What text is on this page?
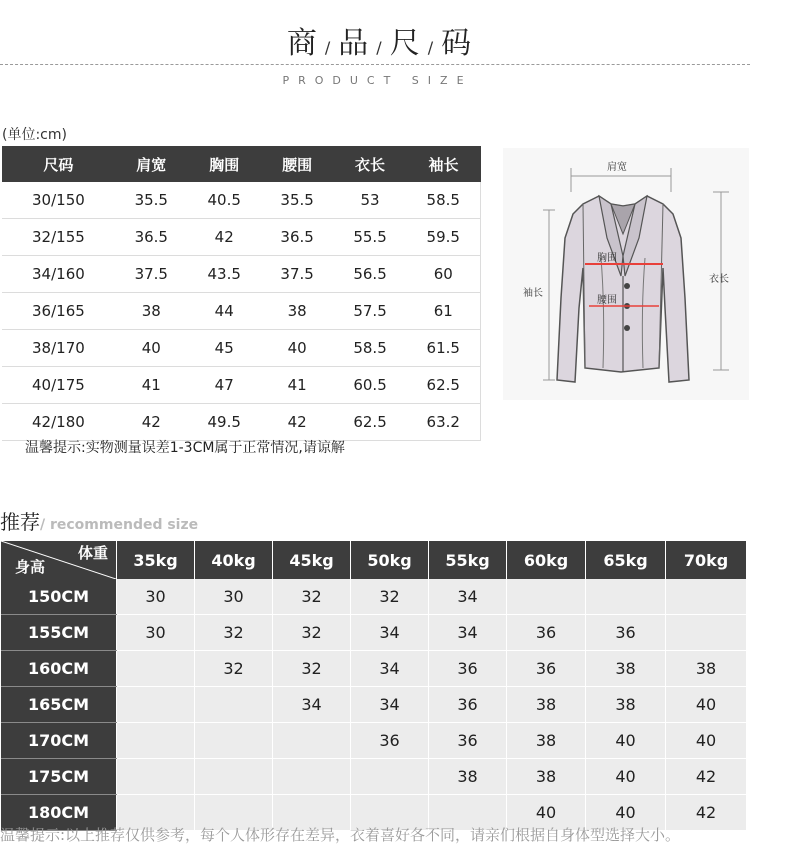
商 / 品 / 尺 / 码
PRODUCT SIZE
(单位:cm)
尺码	肩宽	胸围	腰围	衣长	袖长
30/150	35.5	40.5	35.5	53	58.5
32/155	36.5	42	36.5	55.5	59.5
34/160	37.5	43.5	37.5	56.5	60
36/165	38	44	38	57.5	61
38/170	40	45	40	58.5	61.5
40/175	41	47	41	60.5	62.5
42/180	42	49.5	42	62.5	63.2
温馨提示:实物测量误差1-3CM属于正常情况,请谅解
肩宽
胸围
腰围
袖长
衣长
推荐/ recommended size
体重
身高	35kg	40kg	45kg	50kg	55kg	60kg	65kg	70kg
150CM	30	30	32	32	34			
155CM	30	32	32	34	34	36	36	
160CM		32	32	34	36	36	38	38
165CM			34	34	36	38	38	40
170CM				36	36	38	40	40
175CM					38	38	40	42
180CM						40	40	42
温馨提示:以上推荐仅供参考，每个人体形存在差异，衣着喜好各不同，请亲们根据自身体型选择大小。
